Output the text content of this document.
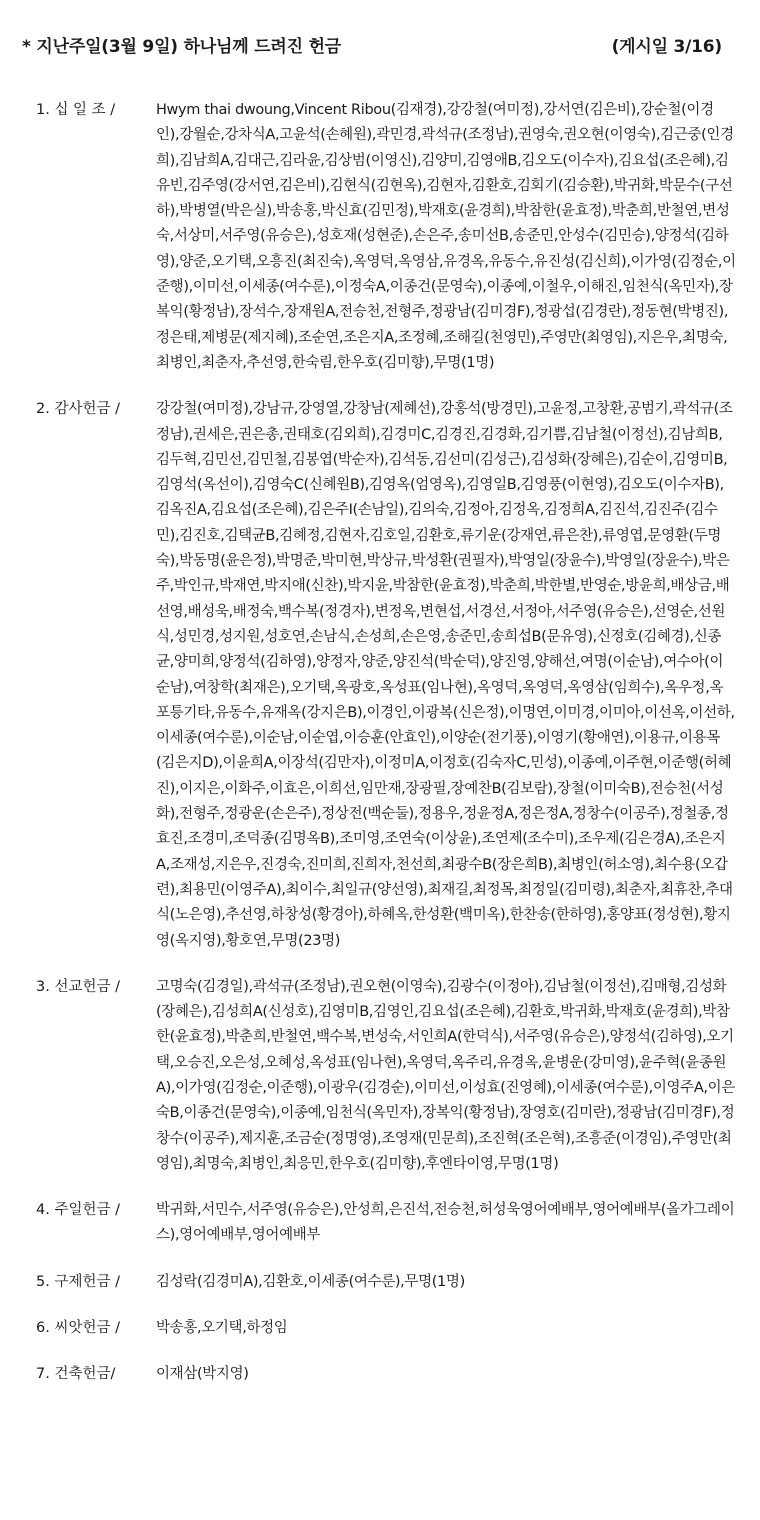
* 지난주일(3월 9일) 하나님께 드려진 헌금	(게시일 3/16)
1. 십 일 조 /	Hwym thai dwoung,Vincent Ribou(김재경),강강철(여미정),강서연(김은비),강순철(이경인),강월순,강차식A,고윤석(손혜원),곽민경,곽석규(조정남),권영숙,권오현(이영숙),김근중(인경희),김남희A,김대근,김라윤,김상범(이영신),김양미,김영애B,김오도(이수자),김요섭(조은혜),김유빈,김주영(강서연,김은비),김현식(김현옥),김현자,김환호,김회기(김승환),박귀화,박문수(구선하),박병열(박은실),박송홍,박신효(김민정),박재호(윤경희),박참한(윤효정),박춘희,반철연,변성숙,서상미,서주영(유승은),성호재(성현준),손은주,송미선B,송준민,안성수(김민승),양정석(김하영),양준,오기택,오흥진(최진숙),옥영덕,옥영삼,유경옥,유동수,유진성(김신희),이가영(김정순,이준행),이미선,이세종(여수룬),이정숙A,이종건(문영숙),이종예,이철우,이해진,임천식(옥민자),장복익(황정남),장석수,장재원A,전승천,전형주,정광남(김미경F),정광섭(김경란),정동현(박병진),정은태,제병문(제지혜),조순연,조은지A,조정혜,조해길(천영민),주영만(최영임),지은우,최명숙,최병인,최춘자,추선영,한숙림,한우호(김미향),무명(1명)
2. 감사헌금 /	강강철(여미정),강남규,강영열,강창남(제혜선),강홍석(방경민),고윤정,고창환,공범기,곽석규(조정남),권세은,권은총,권태호(김외희),김경미C,김경진,김경화,김기쁨,김남철(이정선),김남희B,김두혁,김민선,김민철,김봉엽(박순자),김석동,김선미(김성근),김성화(장혜은),김순이,김영미B,김영석(옥선이),김영숙C(신혜원B),김영옥(엄영옥),김영일B,김영풍(이현영),김오도(이수자B),김옥진A,김요섭(조은혜),김은주I(손남일),김의숙,김정아,김정옥,김정희A,김진석,김진주(김수민),김진호,김택균B,김혜정,김현자,김호일,김환호,류기운(강재연,류은찬),류영엽,문영환(두명숙),박동명(윤은정),박명준,박미현,박상규,박성환(권필자),박영일(장윤수),박영일(장윤수),박은주,박인규,박재연,박지애(신찬),박지윤,박참한(윤효정),박춘희,박한별,반영순,방윤희,배상금,배선영,배성욱,배정숙,백수복(정경자),변정옥,변현섭,서경선,서정아,서주영(유승은),선영순,선원식,성민경,성지원,성호연,손남식,손성희,손은영,송준민,송희섭B(문유영),신정호(김혜경),신종균,양미희,양정석(김하영),양정자,양준,양진석(박순덕),양진영,양해선,여명(이순남),여수아(이순남),여창학(최재은),오기택,옥광호,옥성표(임나현),옥영덕,옥영덕,옥영삼(임희수),옥우정,옥포틍기타,유동수,유재옥(강지은B),이경인,이광복(신은정),이명연,이미경,이미아,이선옥,이선하,이세종(여수룬),이순남,이순엽,이승훈(안효인),이양순(전기풍),이영기(황애연),이용규,이용목(김은지D),이윤희A,이장석(김만자),이정미A,이정호(김숙자C,민성),이종예,이주현,이준행(허혜진),이지은,이화주,이효은,이희선,임만재,장광필,장예찬B(김보람),장철(이미숙B),전승천(서성화),전형주,정광운(손은주),정상전(백순둘),정용우,정윤정A,정은정A,정창수(이공주),정철종,정효진,조경미,조덕종(김명옥B),조미영,조연숙(이상윤),조연제(조수미),조우제(김은경A),조은지A,조재성,지은우,진경숙,진미희,진희자,천선희,최광수B(장은희B),최병인(허소영),최수용(오갑련),최용민(이영주A),최이수,최일규(양선영),최재길,최정목,최정일(김미령),최춘자,최휴찬,추대식(노은영),추선영,하창성(황경아),하혜옥,한성환(백미옥),한찬송(한하영),홍양표(정성현),황지영(옥지영),황호연,무명(23명)
3. 선교헌금 /	고명숙(김경일),곽석규(조정남),권오현(이영숙),김광수(이정아),김남철(이정선),김매형,김성화(장혜은),김성희A(신성호),김영미B,김영인,김요섭(조은혜),김환호,박귀화,박재호(윤경희),박참한(윤효정),박춘희,반철연,백수복,변성숙,서인희A(한덕식),서주영(유승은),양정석(김하영),오기택,오승진,오은성,오혜성,옥성표(임나현),옥영덕,옥주리,유경옥,윤병운(강미영),윤주혁(윤종원A),이가영(김정순,이준행),이광우(김경순),이미선,이성효(진영혜),이세종(여수룬),이영주A,이은숙B,이종건(문영숙),이종예,임천식(옥민자),장복익(황정남),장영호(김미란),정광남(김미경F),정창수(이공주),제지훈,조금순(정명영),조영재(민문희),조진혁(조은혁),조흥준(이경임),주영만(최영임),최명숙,최병인,최응민,한우호(김미향),후엔타이영,무명(1명)
4. 주일헌금 /	박귀화,서민수,서주영(유승은),안성희,은진석,전승천,허성욱영어예배부,영어예배부(올가그레이스),영어예배부,영어예배부
5. 구제헌금 /	김성락(김경미A),김환호,이세종(여수룬),무명(1명)
6. 씨앗헌금 /	박송홍,오기택,하정임
7. 건축헌금/	이재삼(박지영)
